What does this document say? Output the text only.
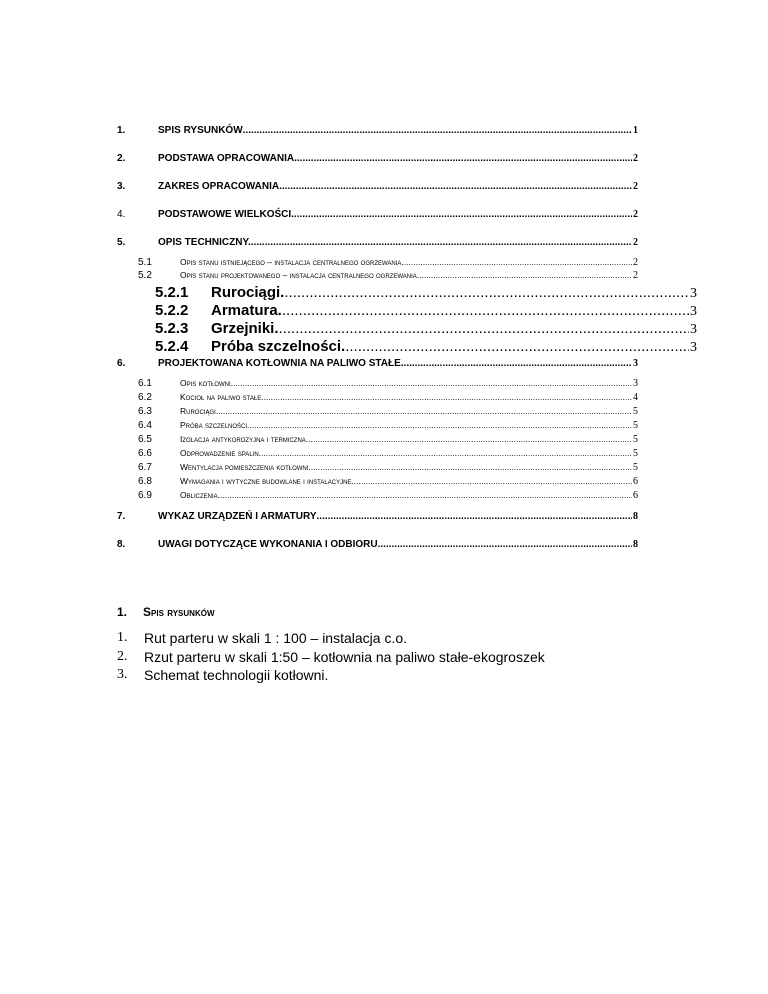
1.	SPIS RYSUNKÓW .....	1
2.	PODSTAWA OPRACOWANIA .....	2
3.	ZAKRES OPRACOWANIA. .....	2
4.	PODSTAWOWE WIELKOŚCI .....	2
5.	OPIS TECHNICZNY. .....	2
5.1	Opis stanu istniejącego – instalacja centralnego ogrzewania .....	2
5.2	Opis stanu projektowanego – instalacja centralnego ogrzewania .....	2
5.2.1 Rurociągi. .....	3
5.2.2 Armatura. .....	3
5.2.3 Grzejniki. .....	3
5.2.4 Próba szczelności. .....	3
6.	PROJEKTOWANA KOTŁOWNIA NA PALIWO STAŁE .....	3
6.1	Opis kotłowni. .....	3
6.2	Kocioł na paliwo stałe. .....	4
6.3	Rurociągi. .....	5
6.4	Próba szczelności. .....	5
6.5	Izolacja antykorozyjna i termiczna. .....	5
6.6	Odprowadzenie spalin. .....	5
6.7	Wentylacja pomieszczenia kotłowni. .....	5
6.8	Wymagania i wytyczne budowlane i instalacyjne. .....	6
6.9	Obliczenia. .....	6
7.	WYKAZ URZĄDZEŃ I ARMATURY .....	8
8.	UWAGI DOTYCZĄCE WYKONANIA I ODBIORU. .....	8
1. Spis rysunków
1.	Rut parteru w skali 1 : 100 – instalacja c.o.
2.	Rzut parteru w skali 1:50 – kotłownia na paliwo stałe-ekogroszek
3.	Schemat technologii kotłowni.
